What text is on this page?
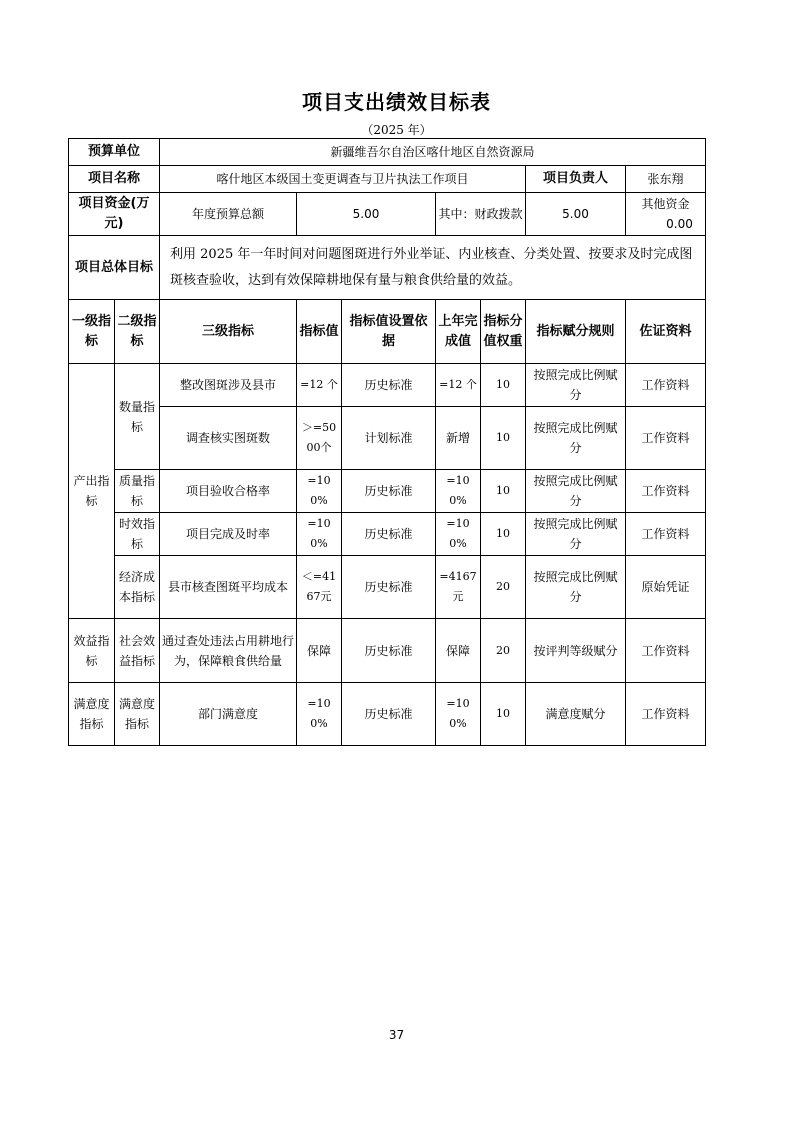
项目支出绩效目标表
（2025 年）
预算单位		新疆维吾尔自治区喀什地区自然资源局						
项目名称		喀什地区本级国土变更调查与卫片执法工作项目					项目负责人	张东翔
项目资金(万元)		年度预算总额	5.00		其中：财政拨款		5.00	其他资金0.00
项目总体目标		利用 2025 年一年时间对问题图斑进行外业举证、内业核查、分类处置、按要求及时完成图斑核查验收，达到有效保障耕地保有量与粮食供给量的效益。						
一级指标	二级指标	三级指标	指标值	指标值设置依据	上年完成值	指标分值权重	指标赋分规则	佐证资料
产出指标	数量指标	整改图斑涉及县市	=12 个	历史标准	=12 个	10	按照完成比例赋分	工作资料
		调查核实图斑数	＞=5000个	计划标准	新增	10	按照完成比例赋分	工作资料
	质量指标	项目验收合格率	=100%	历史标准	=100%	10	按照完成比例赋分	工作资料
	时效指标	项目完成及时率	=100%	历史标准	=100%	10	按照完成比例赋分	工作资料
	经济成本指标	县市核查图斑平均成本	＜=4167元	历史标准	=4167元	20	按照完成比例赋分	原始凭证
效益指标	社会效益指标	通过查处违法占用耕地行为，保障粮食供给量	保障	历史标准	保障	20	按评判等级赋分	工作资料
满意度指标	满意度指标	部门满意度	=100%	历史标准	=100%	10	满意度赋分	工作资料
37
